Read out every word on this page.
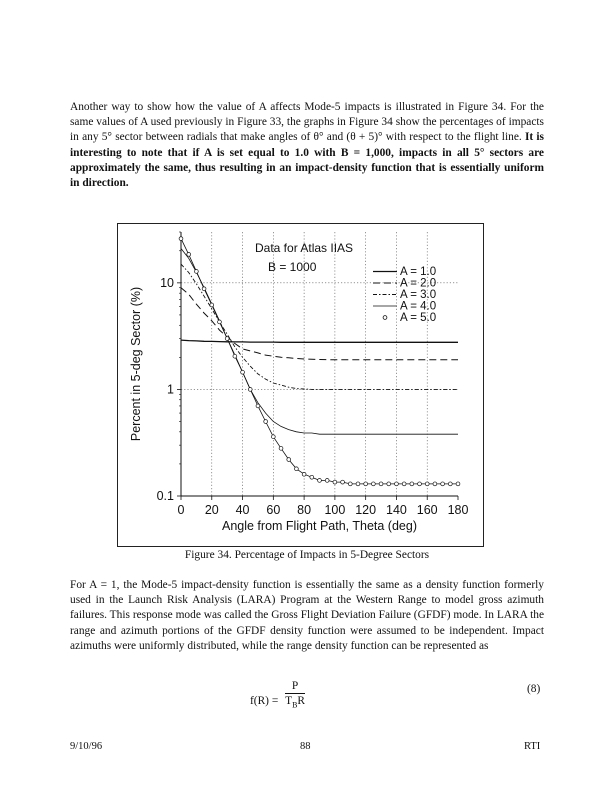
Another way to show how the value of A affects Mode-5 impacts is illustrated in Figure 34. For the same values of A used previously in Figure 33, the graphs in Figure 34 show the percentages of impacts in any 5° sector between radials that make angles of θ° and (θ + 5)° with respect to the flight line. It is interesting to note that if A is set equal to 1.0 with B = 1,000, impacts in all 5° sectors are approximately the same, thus resulting in an impact-density function that is essentially uniform in direction.
0 20 40 60 80 100 120 140 160 180
0.1
1
10
Angle from Flight Path, Theta (deg)
Percent in 5-deg Sector (%)
Data for Atlas IIAS
B = 1000	A = 1.0
A = 2.0
A = 3.0
A = 4.0
A = 5.0
Figure 34. Percentage of Impacts in 5-Degree Sectors
For A = 1, the Mode-5 impact-density function is essentially the same as a density function formerly used in the Launch Risk Analysis (LARA) Program at the Western Range to model gross azimuth failures. This response mode was called the Gross Flight Deviation Failure (GFDF) mode. In LARA the range and azimuth portions of the GFDF density function were assumed to be independent. Impact azimuths were uniformly distributed, while the range density function can be represented as
f(R) =
P
$T_BR$
(8)
9/10/96	88	RTI
